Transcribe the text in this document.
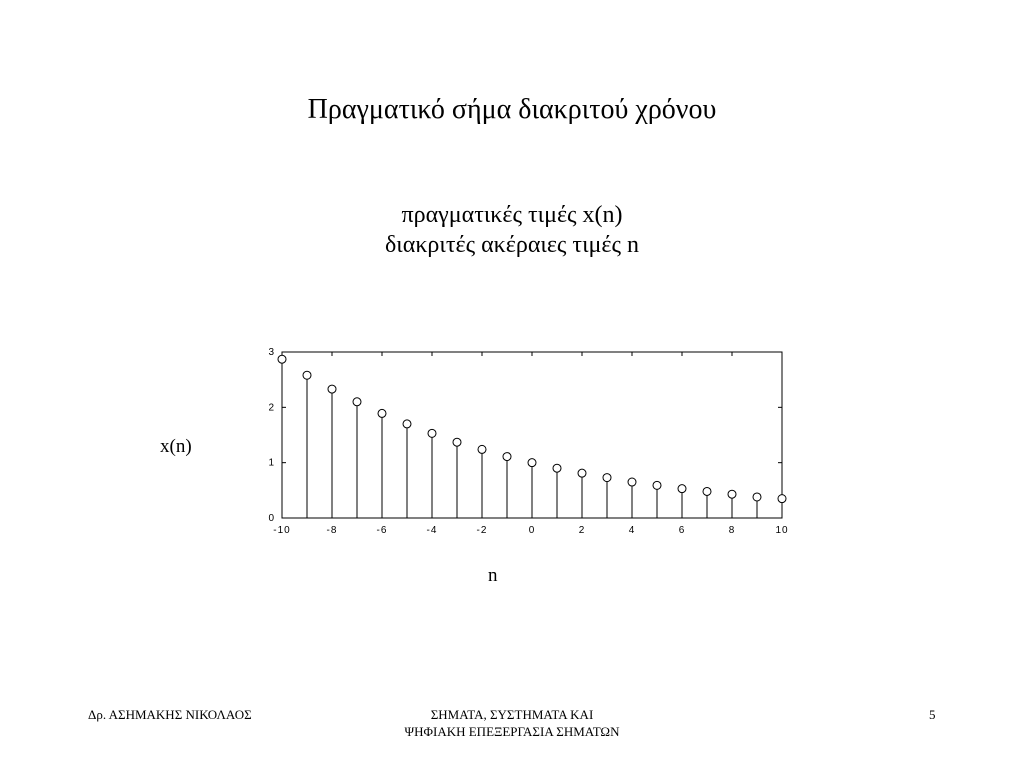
Πραγματικό σήμα διακριτού χρόνου
πραγματικές τιμές x(n)
διακριτές ακέραιες τιμές n
x(n)
-10	-8	-6	-4	-2	0	2	4	6	8	10
0
1
2
3
n
Δρ. ΑΣΗΜΑΚΗΣ ΝΙΚΟΛΑΟΣ	ΣΗΜΑΤΑ, ΣΥΣΤΗΜΑΤΑ ΚΑΙ
ΨΗΦΙΑΚΗ ΕΠΕΞΕΡΓΑΣΙΑ ΣΗΜΑΤΩΝ
5
